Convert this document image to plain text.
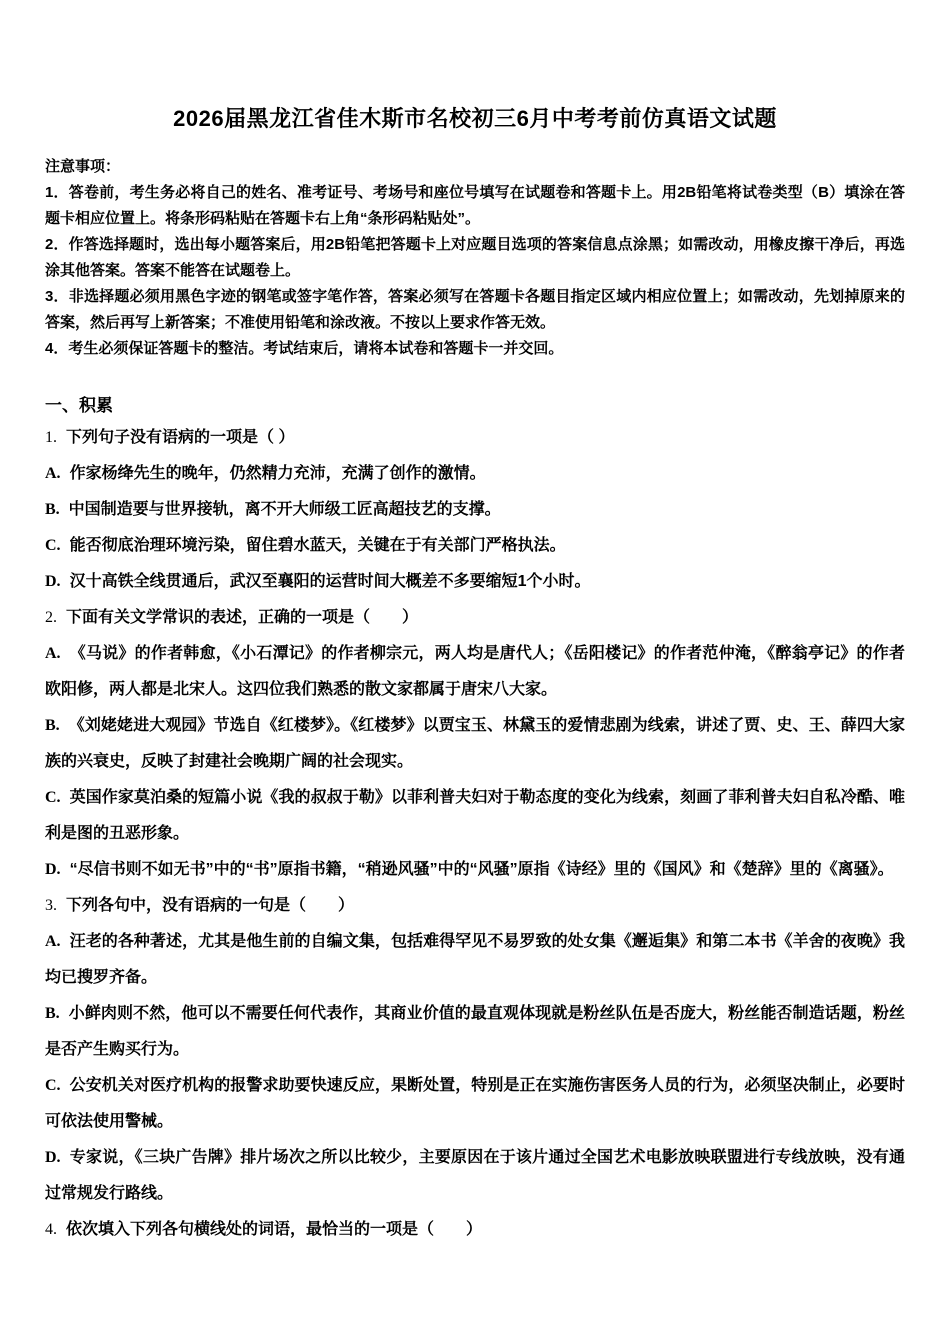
2026届黑龙江省佳木斯市名校初三6月中考考前仿真语文试题

注意事项：

1．答卷前，考生务必将自己的姓名、准考证号、考场号和座位号填写在试题卷和答题卡上。用2B铅笔将试卷类型（B）填涂在答题卡相应位置上。将条形码粘贴在答题卡右上角“条形码粘贴处”。

2．作答选择题时，选出每小题答案后，用2B铅笔把答题卡上对应题目选项的答案信息点涂黑；如需改动，用橡皮擦干净后，再选涂其他答案。答案不能答在试题卷上。

3．非选择题必须用黑色字迹的钢笔或签字笔作答，答案必须写在答题卡各题目指定区域内相应位置上；如需改动，先划掉原来的答案，然后再写上新答案；不准使用铅笔和涂改液。不按以上要求作答无效。

4．考生必须保证答题卡的整洁。考试结束后，请将本试卷和答题卡一并交回。

一、积累

1. 下列句子没有语病的一项是（ ）

A. 作家杨绛先生的晚年，仍然精力充沛，充满了创作的激情。

B. 中国制造要与世界接轨，离不开大师级工匠高超技艺的支撑。

C. 能否彻底治理环境污染，留住碧水蓝天，关键在于有关部门严格执法。

D. 汉十高铁全线贯通后，武汉至襄阳的运营时间大概差不多要缩短1个小时。

2. 下面有关文学常识的表述，正确的一项是（　　）

A. 《马说》的作者韩愈，《小石潭记》的作者柳宗元，两人均是唐代人；《岳阳楼记》的作者范仲淹，《醉翁亭记》的作者欧阳修，两人都是北宋人。这四位我们熟悉的散文家都属于唐宋八大家。

B. 《刘姥姥进大观园》节选自《红楼梦》。《红楼梦》以贾宝玉、林黛玉的爱情悲剧为线索，讲述了贾、史、王、薛四大家族的兴衰史，反映了封建社会晚期广阔的社会现实。

C. 英国作家莫泊桑的短篇小说《我的叔叔于勒》以菲利普夫妇对于勒态度的变化为线索，刻画了菲利普夫妇自私冷酷、唯利是图的丑恶形象。

D. “尽信书则不如无书”中的“书”原指书籍，“稍逊风骚”中的“风骚”原指《诗经》里的《国风》和《楚辞》里的《离骚》。

3. 下列各句中，没有语病的一句是（　　）

A. 汪老的各种著述，尤其是他生前的自编文集，包括难得罕见不易罗致的处女集《邂逅集》和第二本书《羊舍的夜晚》我均已搜罗齐备。

B. 小鲜肉则不然，他可以不需要任何代表作，其商业价值的最直观体现就是粉丝队伍是否庞大，粉丝能否制造话题，粉丝是否产生购买行为。

C. 公安机关对医疗机构的报警求助要快速反应，果断处置，特别是正在实施伤害医务人员的行为，必须坚决制止，必要时可依法使用警械。

D. 专家说，《三块广告牌》排片场次之所以比较少，主要原因在于该片通过全国艺术电影放映联盟进行专线放映，没有通过常规发行路线。

4. 依次填入下列各句横线处的词语，最恰当的一项是（　　）
